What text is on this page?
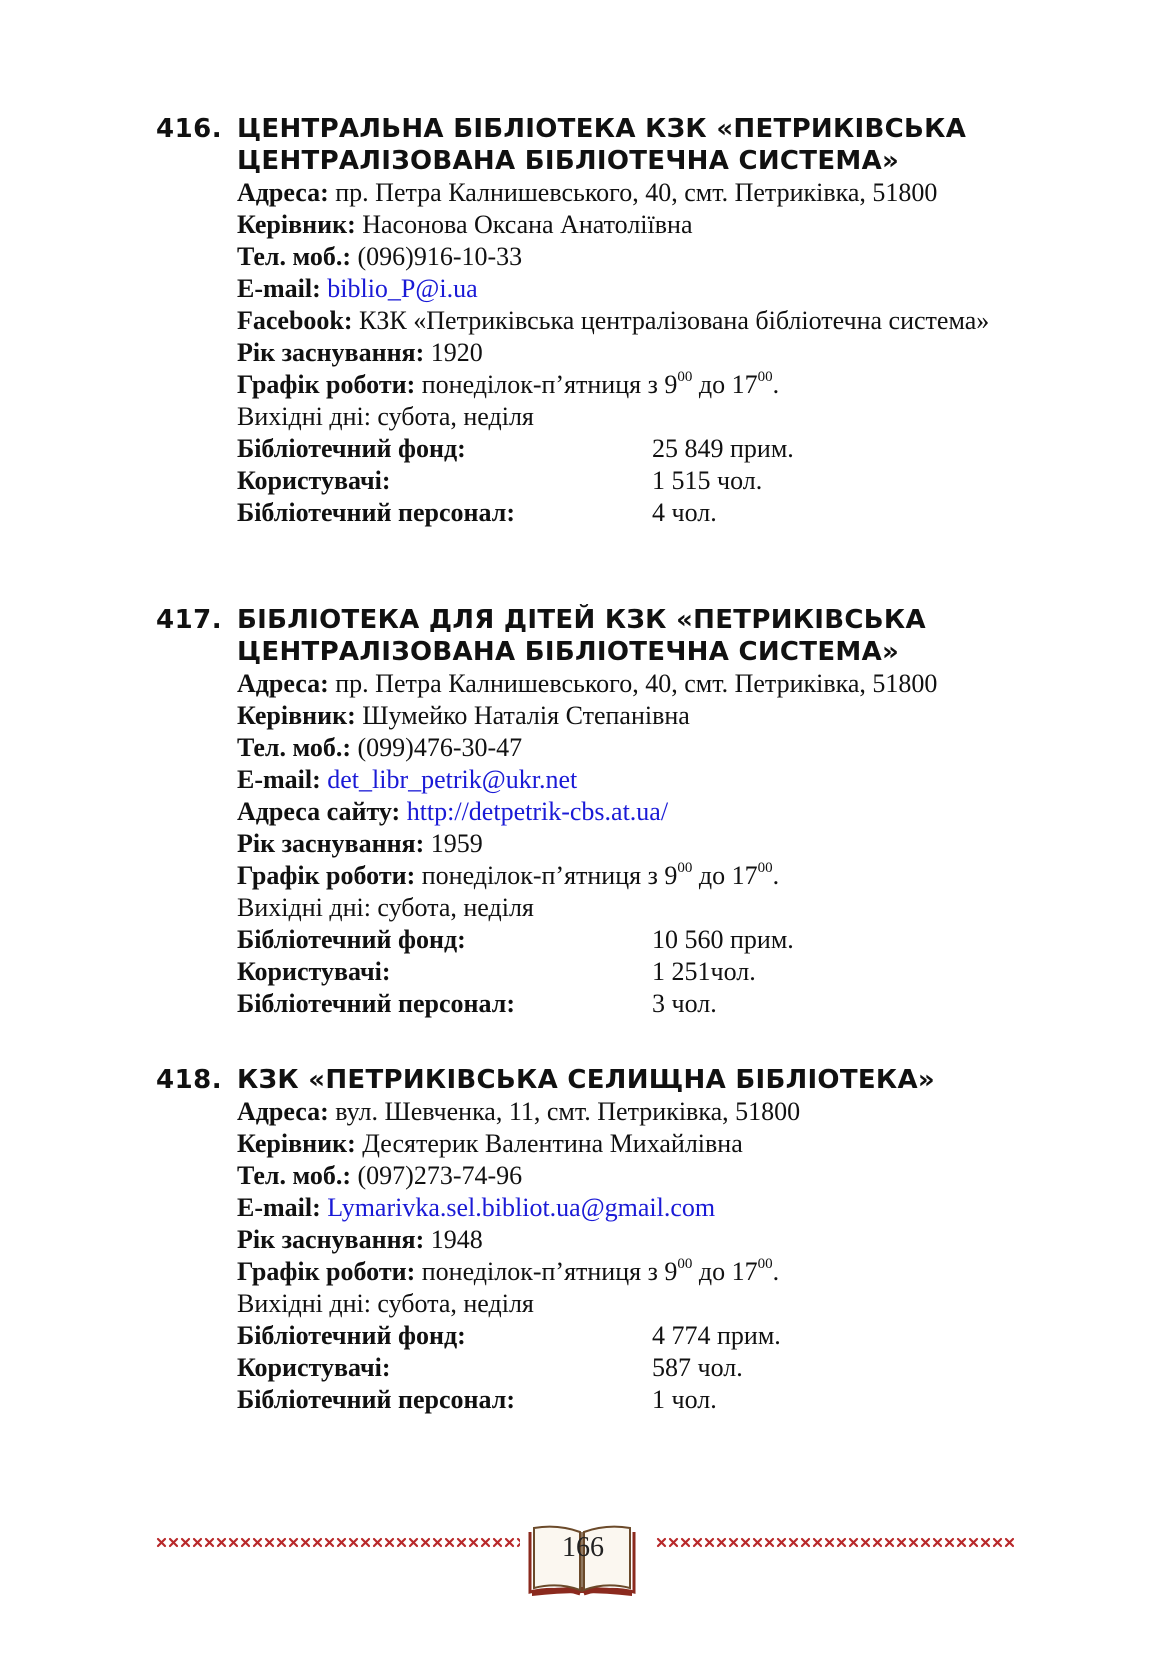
416. ЦЕНТРАЛЬНА БІБЛІОТЕКА КЗК «ПЕТРИКІВСЬКА
ЦЕНТРАЛІЗОВАНА БІБЛІОТЕЧНА СИСТЕМА»
Адреса: пр. Петра Калнишевського, 40, смт. Петриківка, 51800
Керівник: Насонова Оксана Анатоліївна
Тел. моб.: (096)916-10-33
E-mail: biblio_P@i.ua
Facebook: КЗК «Петриківська централізована бібліотечна система»
Рік заснування: 1920
Графік роботи: понеділок-п’ятниця з $9^{00}$ до $17^{00}$.
Вихідні дні: субота, неділя
Бібліотечний фонд:	25 849 прим.
Користувачі:	1 515 чол.
Бібліотечний персонал:	4 чол.
417. БІБЛІОТЕКА ДЛЯ ДІТЕЙ КЗК «ПЕТРИКІВСЬКА
ЦЕНТРАЛІЗОВАНА БІБЛІОТЕЧНА СИСТЕМА»
Адреса: пр. Петра Калнишевського, 40, смт. Петриківка, 51800
Керівник: Шумейко Наталія Степанівна
Тел. моб.: (099)476-30-47
E-mail: det_libr_petrik@ukr.net
Адреса сайту: http://detpetrik-cbs.at.ua/
Рік заснування: 1959
Графік роботи: понеділок-п’ятниця з $9^{00}$ до $17^{00}$.
Вихідні дні: субота, неділя
Бібліотечний фонд:	10 560 прим.
Користувачі:	1 251чол.
Бібліотечний персонал:	3 чол.
418. КЗК «ПЕТРИКІВСЬКА СЕЛИЩНА БІБЛІОТЕКА»
Адреса: вул. Шевченка, 11, смт. Петриківка, 51800
Керівник: Десятерик Валентина Михайлівна
Тел. моб.: (097)273-74-96
E-mail: Lymarivka.sel.bibliot.ua@gmail.com
Рік заснування: 1948
Графік роботи: понеділок-п’ятниця з $9^{00}$ до $17^{00}$.
Вихідні дні: субота, неділя
Бібліотечний фонд:	4 774 прим.
Користувачі:	587 чол.
Бібліотечний персонал:	1 чол.
166
